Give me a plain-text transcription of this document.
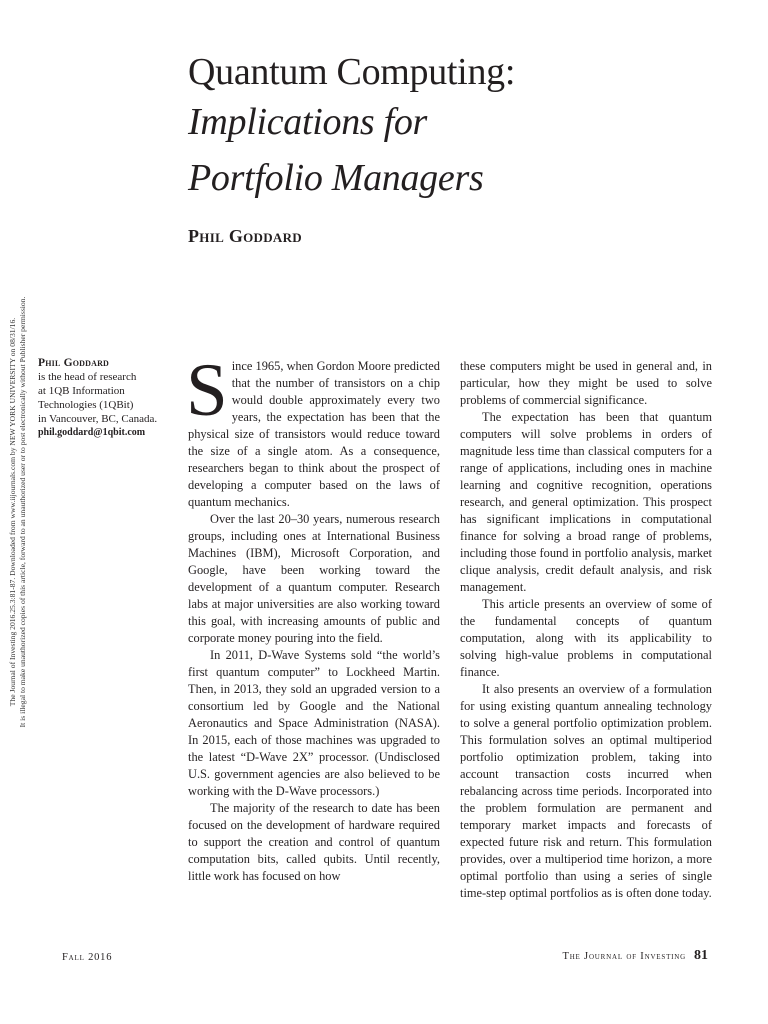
The Journal of Investing 2016.25.3:81-87. Downloaded from www.iijournals.com by NEW YORK UNIVERSITY on 08/31/16. It is illegal to make unauthorized copies of this article, forward to an unauthorized user or to post electronically without Publisher permission.
Quantum Computing:
Implications for
Portfolio Managers
Phil Goddard
Phil Goddard
is the head of research
at 1QB Information
Technologies (1QBit)
in Vancouver, BC, Canada.
phil.goddard@1qbit.com

Since 1965, when Gordon Moore predicted that the number of transistors on a chip would double approximately every two years, the expectation has been that the physical size of transistors would reduce toward the size of a single atom. As a consequence, researchers began to think about the prospect of developing a computer based on the laws of quantum mechanics.

Over the last 20–30 years, numerous research groups, including ones at International Business Machines (IBM), Microsoft Corporation, and Google, have been working toward the development of a quantum computer. Research labs at major universities are also working toward this goal, with increasing amounts of public and corporate money pouring into the field.

In 2011, D-Wave Systems sold “the world’s first quantum computer” to Lockheed Martin. Then, in 2013, they sold an upgraded version to a consortium led by Google and the National Aeronautics and Space Administration (NASA). In 2015, each of those machines was upgraded to the latest “D-Wave 2X” processor. (Undisclosed U.S. government agencies are also believed to be working with the D-Wave processors.)

The majority of the research to date has been focused on the development of hardware required to support the creation and control of quantum computation bits, called qubits. Until recently, little work has focused on how

these computers might be used in general and, in particular, how they might be used to solve problems of commercial significance.

The expectation has been that quantum computers will solve problems in orders of magnitude less time than classical computers for a range of applications, including ones in machine learning and cognitive recognition, operations research, and general optimization. This prospect has significant implications in computational finance for solving a broad range of problems, including those found in portfolio analysis, market clique analysis, credit default analysis, and risk management.

This article presents an overview of some of the fundamental concepts of quantum computation, along with its applicability to solving high-value problems in computational finance.

It also presents an overview of a formulation for using existing quantum annealing technology to solve a general portfolio optimization problem. This formulation solves an optimal multiperiod portfolio optimization problem, taking into account transaction costs incurred when rebalancing across time periods. Incorporated into the problem formulation are permanent and temporary market impacts and forecasts of expected future risk and return. This formulation provides, over a multiperiod time horizon, a more optimal portfolio than using a series of single time-step optimal portfolios as is often done today.

Fall 2016	The Journal of Investing 81
